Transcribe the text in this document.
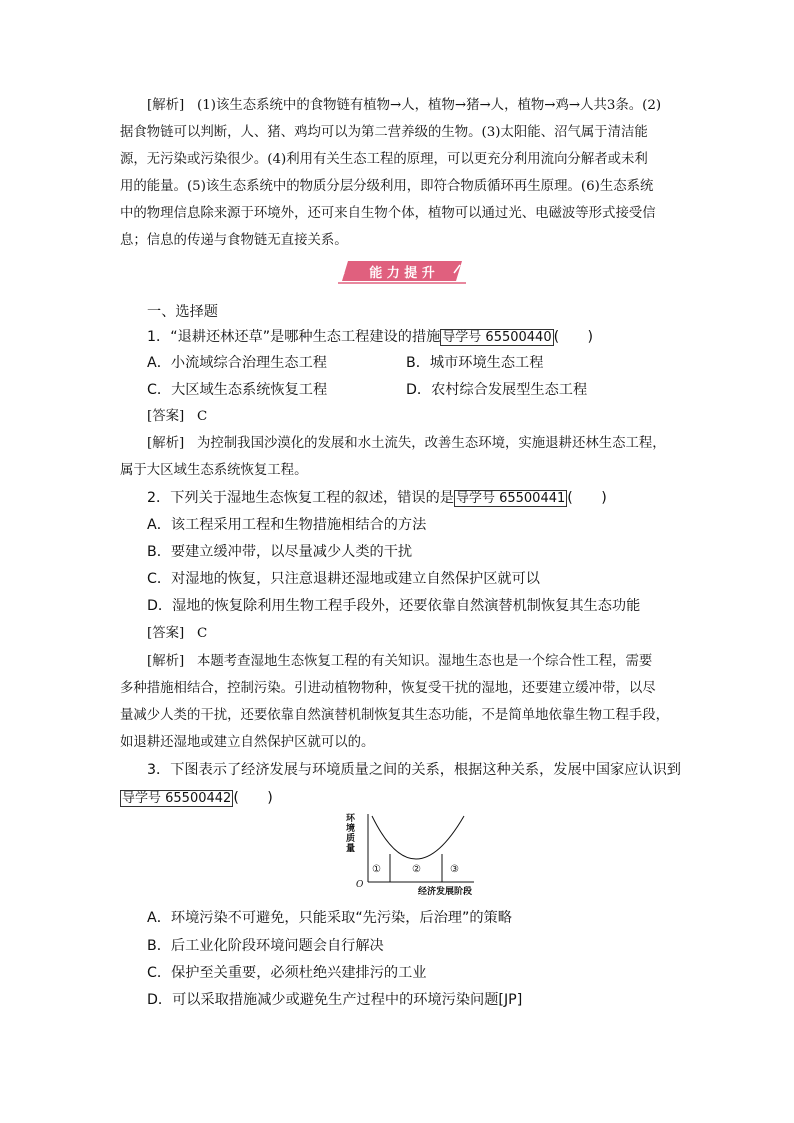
[解析] (1)该生态系统中的食物链有植物→人，植物→猪→人，植物→鸡→人共3条。(2)
据食物链可以判断，人、猪、鸡均可以为第二营养级的生物。(3)太阳能、沼气属于清洁能
源，无污染或污染很少。(4)利用有关生态工程的原理，可以更充分利用流向分解者或未利
用的能量。(5)该生态系统中的物质分层分级利用，即符合物质循环再生原理。(6)生态系统
中的物理信息除来源于环境外，还可来自生物个体，植物可以通过光、电磁波等形式接受信
息；信息的传递与食物链无直接关系。
能 力 提 升
一、选择题
1．“退耕还林还草”是哪种生态工程建设的措施 导学号 65500440 (　　)
A．小流域综合治理生态工程	B．城市环境生态工程
C．大区域生态系统恢复工程	D．农村综合发展型生态工程
[答案] C
[解析] 为控制我国沙漠化的发展和水土流失，改善生态环境，实施退耕还林生态工程，
属于大区域生态系统恢复工程。
2．下列关于湿地生态恢复工程的叙述，错误的是 导学号 65500441 (　　)
A．该工程采用工程和生物措施相结合的方法
B．要建立缓冲带，以尽量减少人类的干扰
C．对湿地的恢复，只注意退耕还湿地或建立自然保护区就可以
D．湿地的恢复除利用生物工程手段外，还要依靠自然演替机制恢复其生态功能
[答案] C
[解析] 本题考查湿地生态恢复工程的有关知识。湿地生态也是一个综合性工程，需要
多种措施相结合，控制污染。引进动植物物种，恢复受干扰的湿地，还要建立缓冲带，以尽
量减少人类的干扰，还要依靠自然演替机制恢复其生态功能，不是简单地依靠生物工程手段，
如退耕还湿地或建立自然保护区就可以的。
3．下图表示了经济发展与环境质量之间的关系，根据这种关系，发展中国家应认识到
导学号 65500442 (　　)
环境质量
O
①	②	③
经济发展阶段
A．环境污染不可避免，只能采取“先污染，后治理”的策略
B．后工业化阶段环境问题会自行解决
C．保护至关重要，必须杜绝兴建排污的工业
D．可以采取措施减少或避免生产过程中的环境污染问题[JP]
